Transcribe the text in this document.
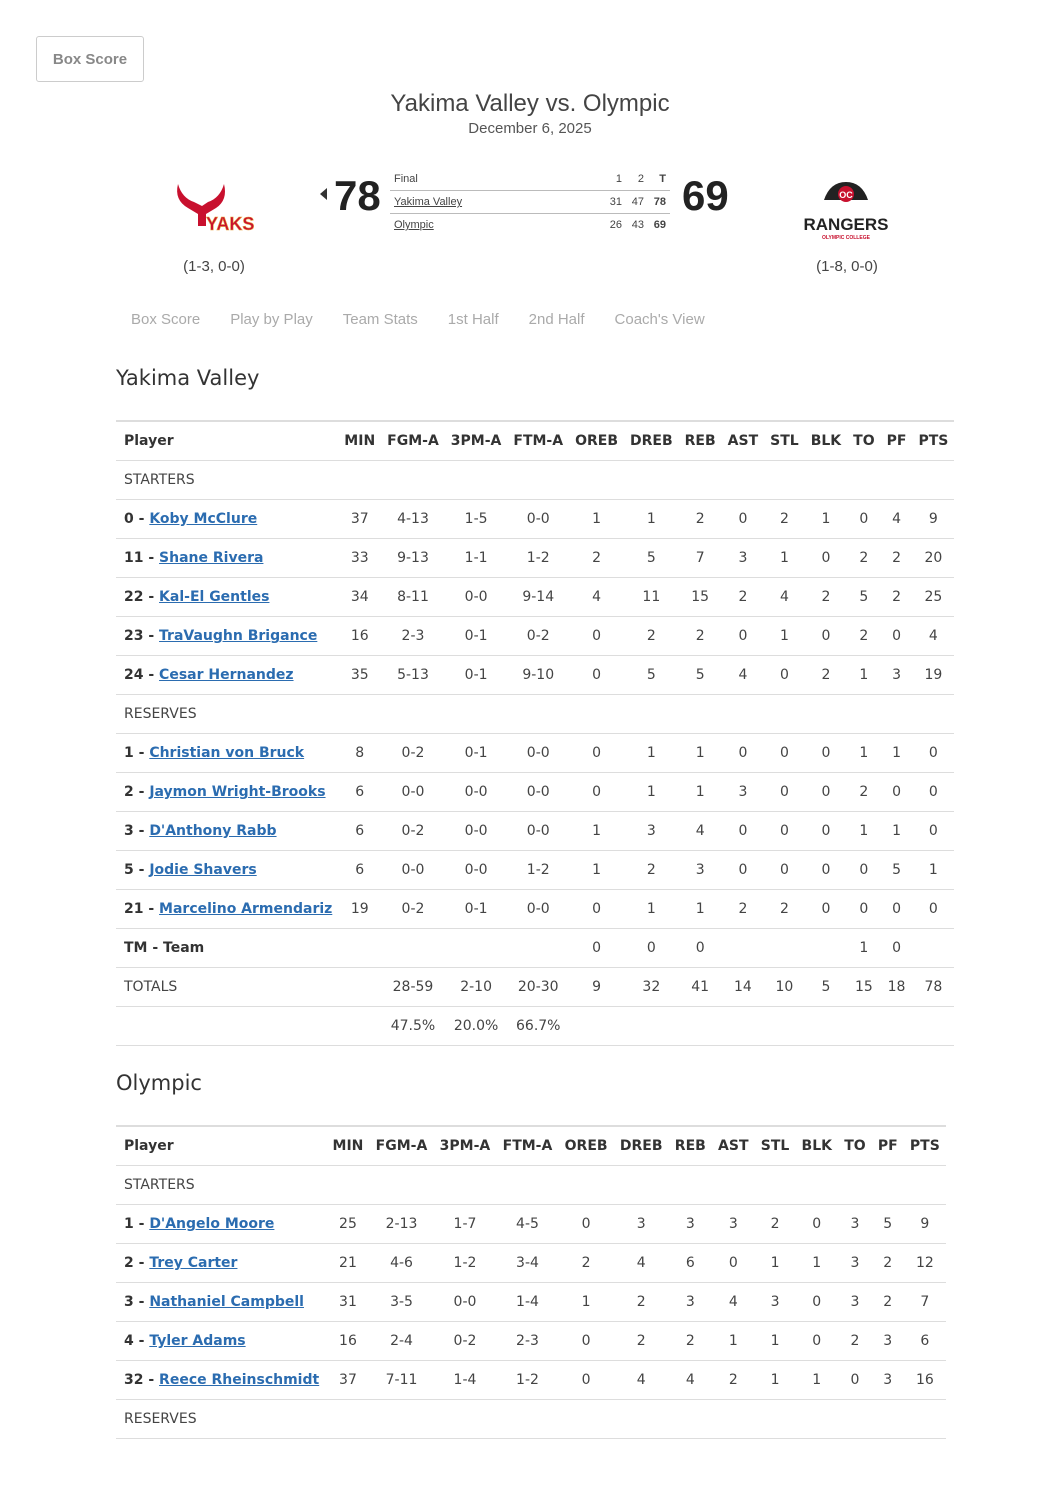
Box Score
Yakima Valley vs. Olympic
December 6, 2025
YAKS
(1-3, 0-0)
78 Final	1	2	T
Yakima Valley	31	47	78
Olympic	26	43	69
69	OC
RANGERS
OLYMPIC COLLEGE
(1-8, 0-0)
Box Score Play by Play Team Stats 1st Half 2nd Half Coach's View
Yakima Valley
Player	MIN	FGM-A	3PM-A	FTM-A	OREB	DREB	REB	AST	STL	BLK	TO	PF	PTS
STARTERS													
0 - Koby McClure	37	4-13	1-5	0-0	1	1	2	0	2	1	0	4	9
11 - Shane Rivera	33	9-13	1-1	1-2	2	5	7	3	1	0	2	2	20
22 - Kal-El Gentles	34	8-11	0-0	9-14	4	11	15	2	4	2	5	2	25
23 - TraVaughn Brigance	16	2-3	0-1	0-2	0	2	2	0	1	0	2	0	4
24 - Cesar Hernandez	35	5-13	0-1	9-10	0	5	5	4	0	2	1	3	19
RESERVES													
1 - Christian von Bruck	8	0-2	0-1	0-0	0	1	1	0	0	0	1	1	0
2 - Jaymon Wright-Brooks	6	0-0	0-0	0-0	0	1	1	3	0	0	2	0	0
3 - D'Anthony Rabb	6	0-2	0-0	0-0	1	3	4	0	0	0	1	1	0
5 - Jodie Shavers	6	0-0	0-0	1-2	1	2	3	0	0	0	0	5	1
21 - Marcelino Armendariz	19	0-2	0-1	0-0	0	1	1	2	2	0	0	0	0
TM - Team					0	0	0				1	0	
TOTALS		28-59	2-10	20-30	9	32	41	14	10	5	15	18	78
		47.5%	20.0%	66.7%									
Olympic
Player	MIN	FGM-A	3PM-A	FTM-A	OREB	DREB	REB	AST	STL	BLK	TO	PF	PTS
STARTERS													
1 - D'Angelo Moore	25	2-13	1-7	4-5	0	3	3	3	2	0	3	5	9
2 - Trey Carter	21	4-6	1-2	3-4	2	4	6	0	1	1	3	2	12
3 - Nathaniel Campbell	31	3-5	0-0	1-4	1	2	3	4	3	0	3	2	7
4 - Tyler Adams	16	2-4	0-2	2-3	0	2	2	1	1	0	2	3	6
32 - Reece Rheinschmidt	37	7-11	1-4	1-2	0	4	4	2	1	1	0	3	16
RESERVES													
